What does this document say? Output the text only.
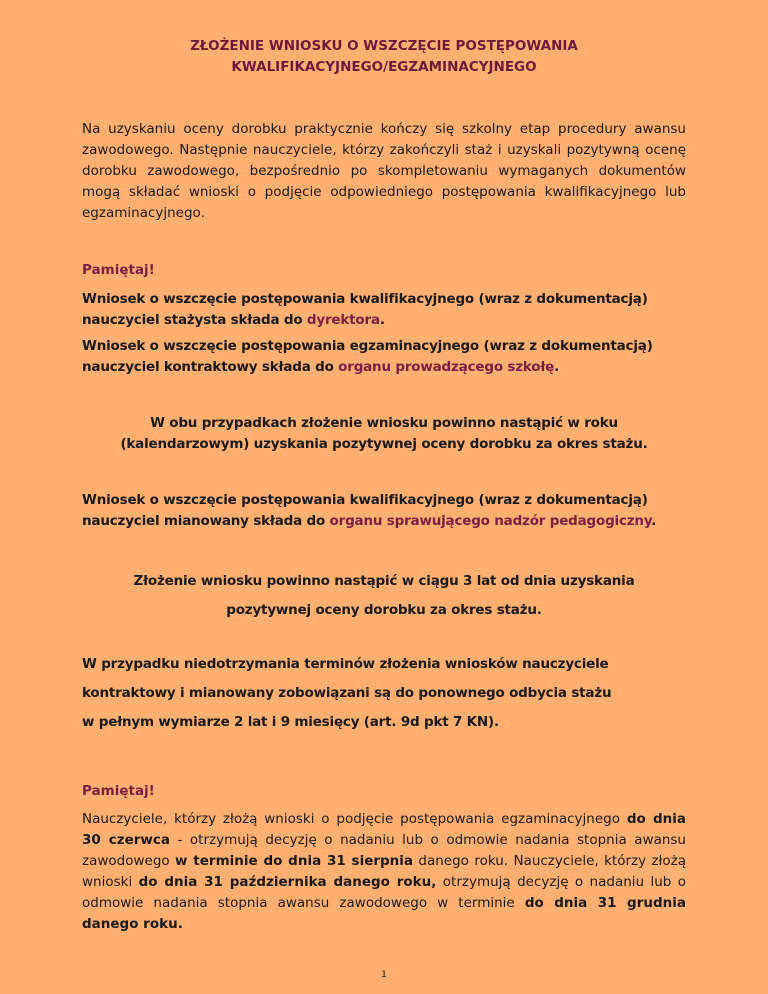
ZŁOŻENIE WNIOSKU O WSZCZĘCIE POSTĘPOWANIA
KWALIFIKACYJNEGO/EGZAMINACYJNEGO
Na uzyskaniu oceny dorobku praktycznie kończy się szkolny etap procedury awansu zawodowego. Następnie nauczyciele, którzy zakończyli staż i uzyskali pozytywną ocenę dorobku zawodowego, bezpośrednio po skompletowaniu wymaganych dokumentów mogą składać wnioski o podjęcie odpowiedniego postępowania kwalifikacyjnego lub egzaminacyjnego.
Pamiętaj!
Wniosek o wszczęcie postępowania kwalifikacyjnego (wraz z dokumentacją) nauczyciel stażysta składa do dyrektora.
Wniosek o wszczęcie postępowania egzaminacyjnego (wraz z dokumentacją) nauczyciel kontraktowy składa do organu prowadzącego szkołę.
W obu przypadkach złożenie wniosku powinno nastąpić w roku
(kalendarzowym) uzyskania pozytywnej oceny dorobku za okres stażu.
Wniosek o wszczęcie postępowania kwalifikacyjnego (wraz z dokumentacją) nauczyciel mianowany składa do organu sprawującego nadzór pedagogiczny.
Złożenie wniosku powinno nastąpić w ciągu 3 lat od dnia uzyskania
pozytywnej oceny dorobku za okres stażu.
W przypadku niedotrzymania terminów złożenia wniosków nauczyciele
kontraktowy i mianowany zobowiązani są do ponownego odbycia stażu
w pełnym wymiarze 2 lat i 9 miesięcy (art. 9d pkt 7 KN).
Pamiętaj!
Nauczyciele, którzy złożą wnioski o podjęcie postępowania egzaminacyjnego do dnia 30 czerwca - otrzymują decyzję o nadaniu lub o odmowie nadania stopnia awansu zawodowego w terminie do dnia 31 sierpnia danego roku. Nauczyciele, którzy złożą wnioski do dnia 31 października danego roku, otrzymują decyzję o nadaniu lub o odmowie nadania stopnia awansu zawodowego w terminie do dnia 31 grudnia danego roku.
1
